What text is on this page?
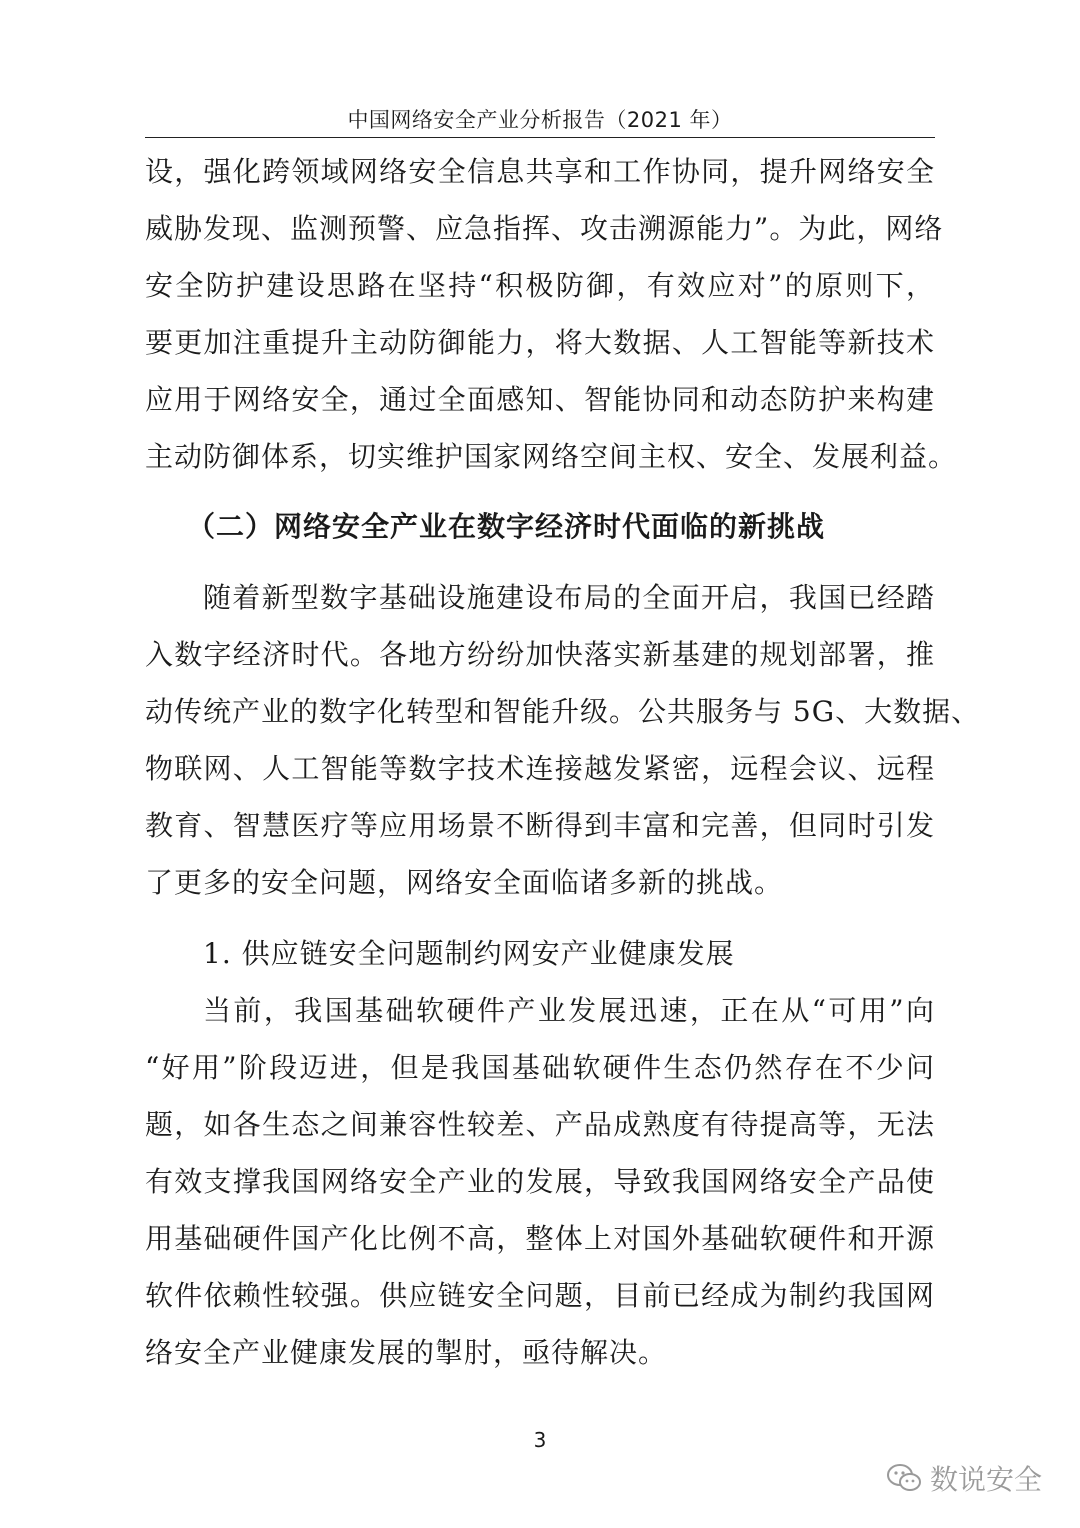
中国网络安全产业分析报告（2021 年）
设，强化跨领域网络安全信息共享和工作协同，提升网络安全
威胁发现、监测预警、应急指挥、攻击溯源能力”。为此，网络
安全防护建设思路在坚持“积极防御，有效应对”的原则下，
要更加注重提升主动防御能力，将大数据、人工智能等新技术
应用于网络安全，通过全面感知、智能协同和动态防护来构建
主动防御体系，切实维护国家网络空间主权、安全、发展利益。
（二）网络安全产业在数字经济时代面临的新挑战
随着新型数字基础设施建设布局的全面开启，我国已经踏
入数字经济时代。各地方纷纷加快落实新基建的规划部署，推
动传统产业的数字化转型和智能升级。公共服务与 5G、大数据、
物联网、人工智能等数字技术连接越发紧密，远程会议、远程
教育、智慧医疗等应用场景不断得到丰富和完善，但同时引发
了更多的安全问题，网络安全面临诸多新的挑战。
1. 供应链安全问题制约网安产业健康发展
当前，我国基础软硬件产业发展迅速，正在从“可用”向
“好用”阶段迈进，但是我国基础软硬件生态仍然存在不少问
题，如各生态之间兼容性较差、产品成熟度有待提高等，无法
有效支撑我国网络安全产业的发展，导致我国网络安全产品使
用基础硬件国产化比例不高，整体上对国外基础软硬件和开源
软件依赖性较强。供应链安全问题，目前已经成为制约我国网
络安全产业健康发展的掣肘，亟待解决。
3
数说安全
